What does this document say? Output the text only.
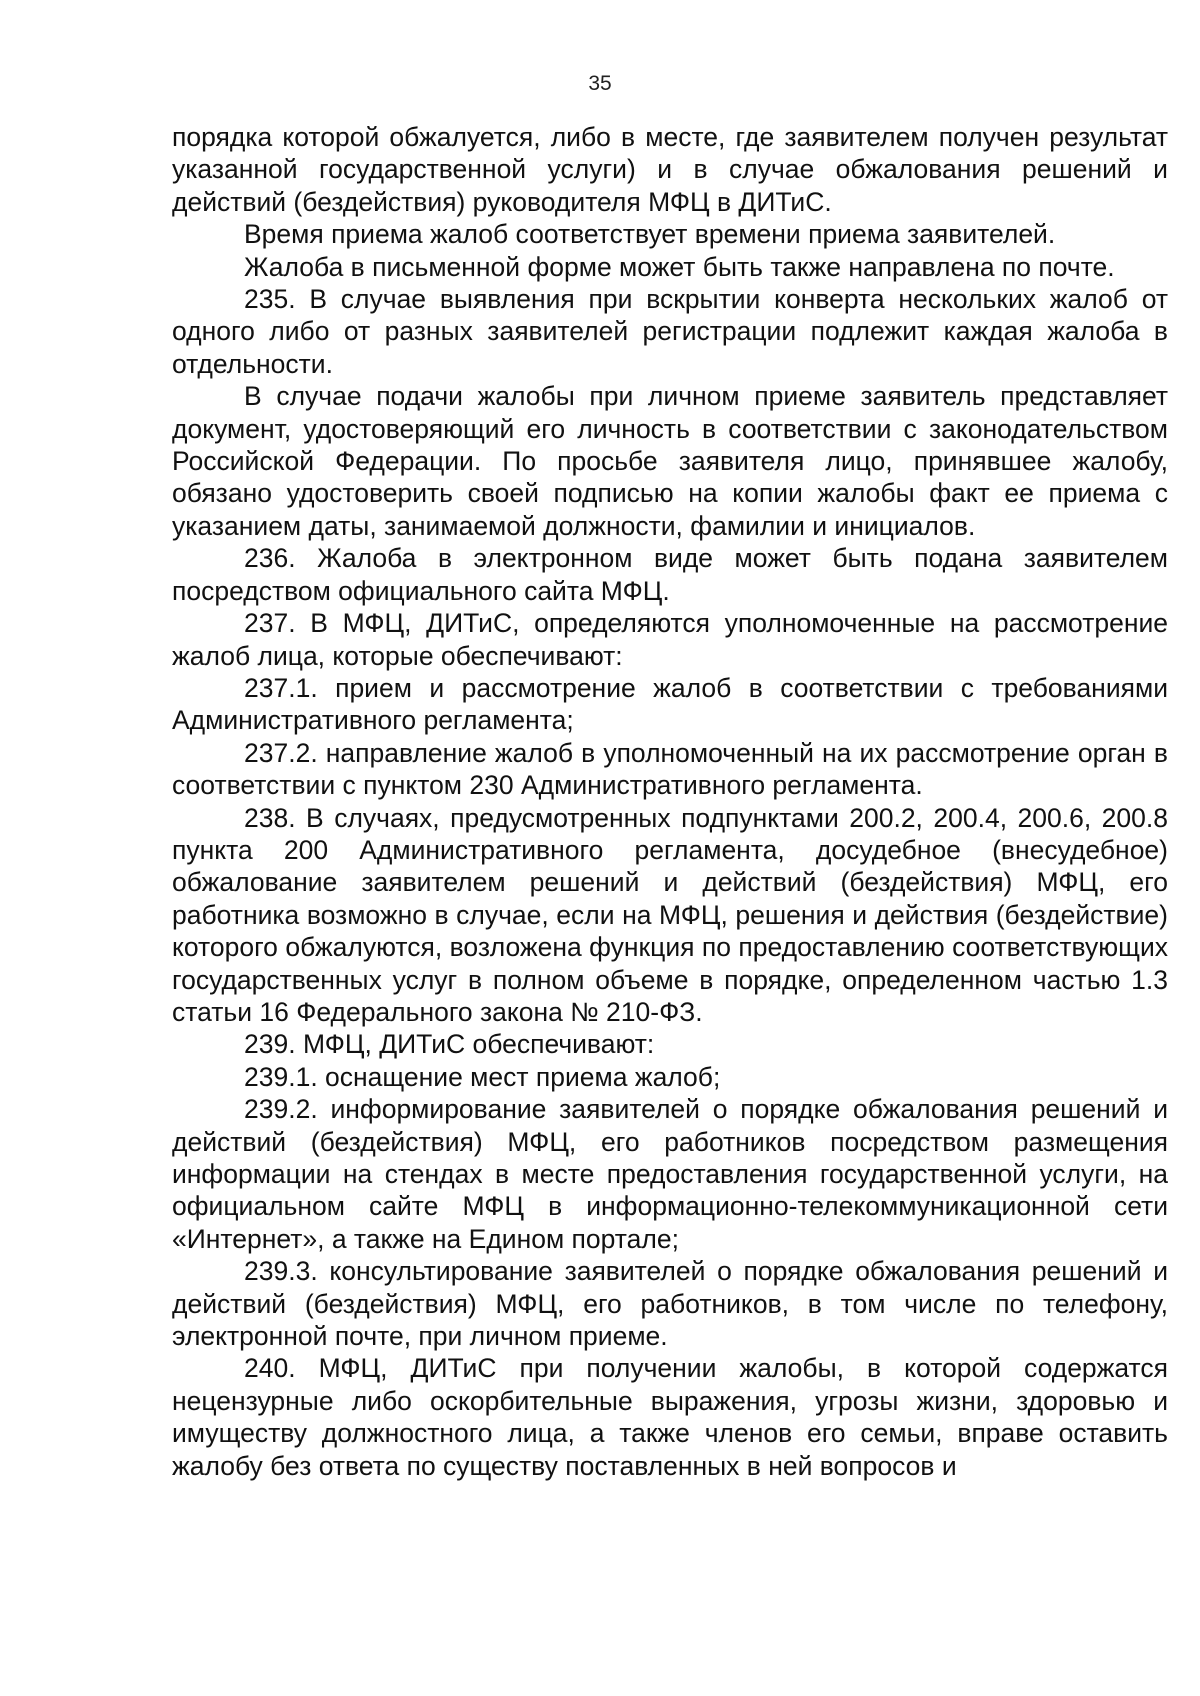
35

порядка которой обжалуется, либо в месте, где заявителем получен результат указанной государственной услуги) и в случае обжалования решений и действий (бездействия) руководителя МФЦ в ДИТиС.

Время приема жалоб соответствует времени приема заявителей.

Жалоба в письменной форме может быть также направлена по почте.

235. В случае выявления при вскрытии конверта нескольких жалоб от одного либо от разных заявителей регистрации подлежит каждая жалоба в отдельности.

В случае подачи жалобы при личном приеме заявитель представляет документ, удостоверяющий его личность в соответствии с законодательством Российской Федерации. По просьбе заявителя лицо, принявшее жалобу, обязано удостоверить своей подписью на копии жалобы факт ее приема с указанием даты, занимаемой должности, фамилии и инициалов.

236. Жалоба в электронном виде может быть подана заявителем посредством официального сайта МФЦ.

237. В МФЦ, ДИТиС, определяются уполномоченные на рассмотрение жалоб лица, которые обеспечивают:

237.1. прием и рассмотрение жалоб в соответствии с требованиями Административного регламента;

237.2. направление жалоб в уполномоченный на их рассмотрение орган в соответствии с пунктом 230 Административного регламента.

238. В случаях, предусмотренных подпунктами 200.2, 200.4, 200.6, 200.8 пункта 200 Административного регламента, досудебное (внесудебное) обжалование заявителем решений и действий (бездействия) МФЦ, его работника возможно в случае, если на МФЦ, решения и действия (бездействие) которого обжалуются, возложена функция по предоставлению соответствующих государственных услуг в полном объеме в порядке, определенном частью 1.3 статьи 16 Федерального закона № 210-ФЗ.

239. МФЦ, ДИТиС обеспечивают:

239.1. оснащение мест приема жалоб;

239.2. информирование заявителей о порядке обжалования решений и действий (бездействия) МФЦ, его работников посредством размещения информации на стендах в месте предоставления государственной услуги, на официальном сайте МФЦ в информационно-телекоммуникационной сети «Интернет», а также на Едином портале;

239.3. консультирование заявителей о порядке обжалования решений и действий (бездействия) МФЦ, его работников, в том числе по телефону, электронной почте, при личном приеме.

240. МФЦ, ДИТиС при получении жалобы, в которой содержатся нецензурные либо оскорбительные выражения, угрозы жизни, здоровью и имуществу должностного лица, а также членов его семьи, вправе оставить жалобу без ответа по существу поставленных в ней вопросов и
